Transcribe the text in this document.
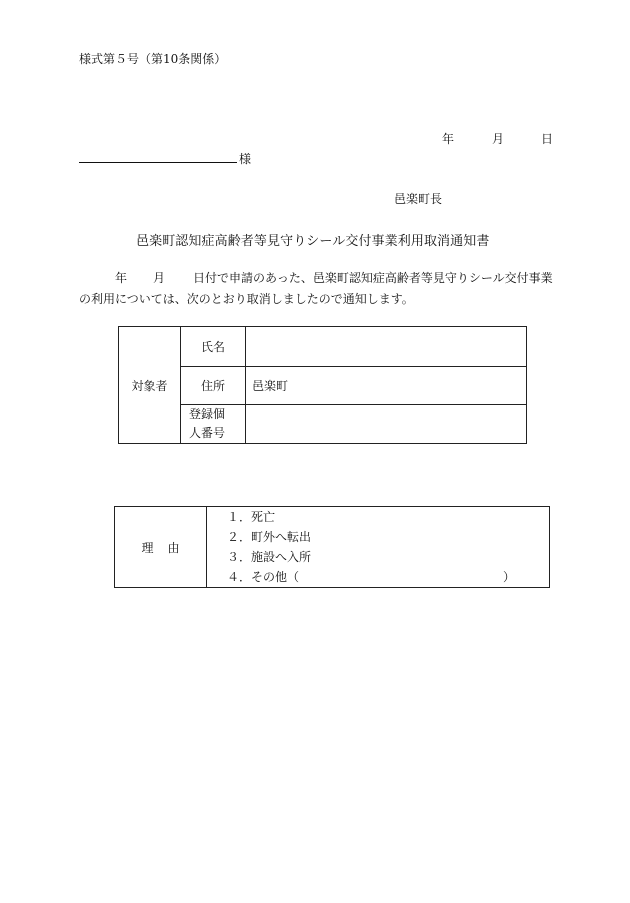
様式第５号（第10条関係）
年	月	日
様
邑楽町長
邑楽町認知症高齢者等見守りシール交付事業利用取消通知書
年 月 日付で申請のあった、邑楽町認知症高齢者等見守りシール交付事業
の利用については、次のとおり取消しましたので通知します。
対象者	氏名	
	住所	邑楽町

	登録個
人番号	

理由	
１．死亡
２．町外へ転出
３．施設へ入所
４．その他（	）
